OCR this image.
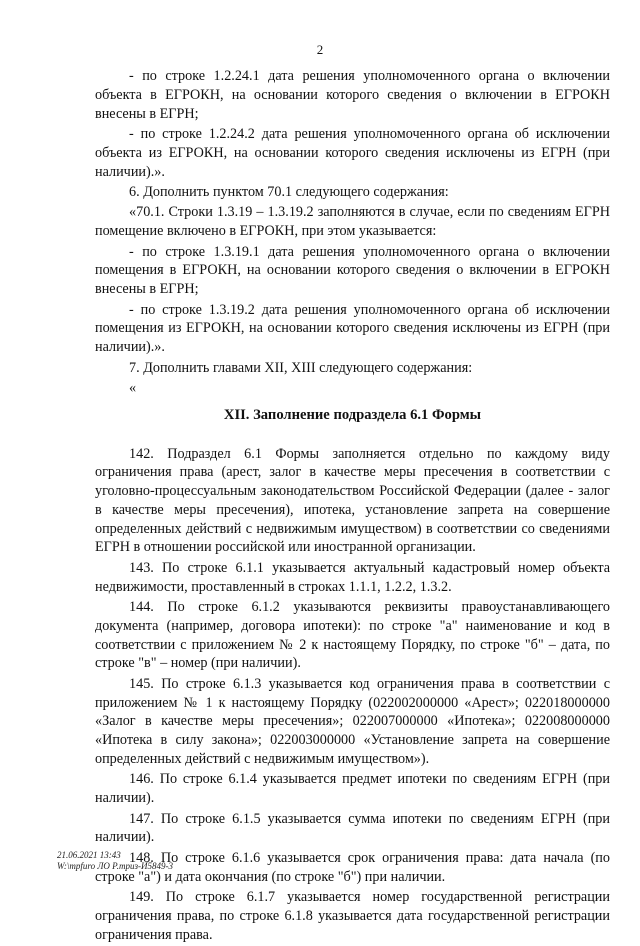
2

- по строке 1.2.24.1 дата решения уполномоченного органа о включении объекта в ЕГРОКН, на основании которого сведения о включении в ЕГРОКН внесены в ЕГРН;

- по строке 1.2.24.2 дата решения уполномоченного органа об исключении объекта из ЕГРОКН, на основании которого сведения исключены из ЕГРН (при наличии).».

6. Дополнить пунктом 70.1 следующего содержания:

«70.1. Строки 1.3.19 – 1.3.19.2 заполняются в случае, если по сведениям ЕГРН помещение включено в ЕГРОКН, при этом указывается:

- по строке 1.3.19.1 дата решения уполномоченного органа о включении помещения в ЕГРОКН, на основании которого сведения о включении в ЕГРОКН внесены в ЕГРН;

- по строке 1.3.19.2 дата решения уполномоченного органа об исключении помещения из ЕГРОКН, на основании которого сведения исключены из ЕГРН (при наличии).».

7. Дополнить главами XII, XIII следующего содержания:

«

XII. Заполнение подраздела 6.1 Формы

142. Подраздел 6.1 Формы заполняется отдельно по каждому виду ограничения права (арест, залог в качестве меры пресечения в соответствии с уголовно-процессуальным законодательством Российской Федерации (далее - залог в качестве меры пресечения), ипотека, установление запрета на совершение определенных действий с недвижимым имуществом) в соответствии со сведениями ЕГРН в отношении российской или иностранной организации.

143. По строке 6.1.1 указывается актуальный кадастровый номер объекта недвижимости, проставленный в строках 1.1.1, 1.2.2, 1.3.2.

144. По строке 6.1.2 указываются реквизиты правоустанавливающего документа (например, договора ипотеки): по строке "а" наименование и код в соответствии с приложением № 2 к настоящему Порядку, по строке "б" – дата, по строке "в" – номер (при наличии).

145. По строке 6.1.3 указывается код ограничения права в соответствии с приложением № 1 к настоящему Порядку (022002000000 «Арест»; 022018000000 «Залог в качестве меры пресечения»; 022007000000 «Ипотека»; 022008000000 «Ипотека в силу закона»; 022003000000 «Установление запрета на совершение определенных действий с недвижимым имуществом»).

146. По строке 6.1.4 указывается предмет ипотеки по сведениям ЕГРН (при наличии).

147. По строке 6.1.5 указывается сумма ипотеки по сведениям ЕГРН (при наличии).

148. По строке 6.1.6 указывается срок ограничения права: дата начала (по строке "а") и дата окончания (по строке "б") при наличии.

149. По строке 6.1.7 указывается номер государственной регистрации ограничения права, по строке 6.1.8 указывается дата государственной регистрации ограничения права.

21.06.2021 13:43
W:\mpfuro ЛО Р.mpuз-И5849-3
